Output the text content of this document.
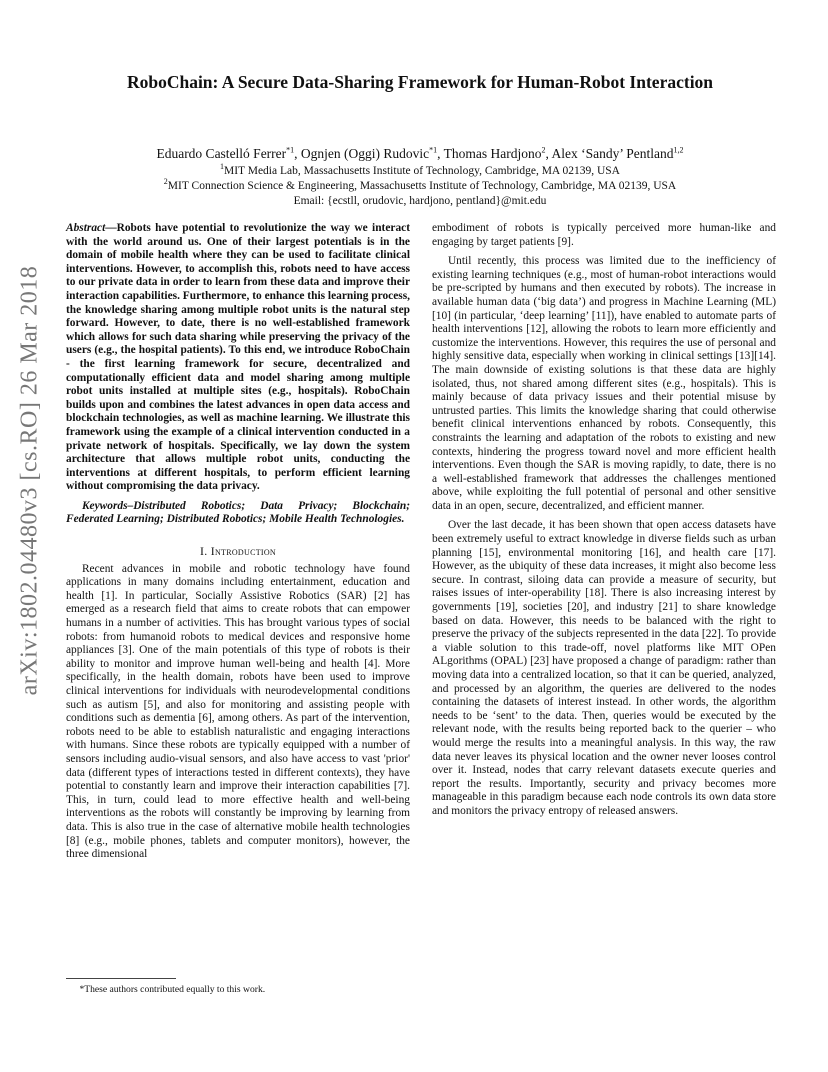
arXiv:1802.04480v3 [cs.RO] 26 Mar 2018
RoboChain: A Secure Data-Sharing Framework for Human-Robot Interaction

Eduardo Castelló Ferrer$^{*1}$, Ognjen (Oggi) Rudovic$^{*1}$, Thomas Hardjono$^2$, Alex ‘Sandy’ Pentland$^{1,2}$

$^1$MIT Media Lab, Massachusetts Institute of Technology, Cambridge, MA 02139, USA

$^2$MIT Connection Science & Engineering, Massachusetts Institute of Technology, Cambridge, MA 02139, USA

Email: {ecstll, orudovic, hardjono, pentland}@mit.edu

Abstract—Robots have potential to revolutionize the way we interact with the world around us. One of their largest potentials is in the domain of mobile health where they can be used to facilitate clinical interventions. However, to accomplish this, robots need to have access to our private data in order to learn from these data and improve their interaction capabilities. Furthermore, to enhance this learning process, the knowledge sharing among multiple robot units is the natural step forward. However, to date, there is no well-established framework which allows for such data sharing while preserving the privacy of the users (e.g., the hospital patients). To this end, we introduce RoboChain - the first learning framework for secure, decentralized and computationally efficient data and model sharing among multiple robot units installed at multiple sites (e.g., hospitals). RoboChain builds upon and combines the latest advances in open data access and blockchain technologies, as well as machine learning. We illustrate this framework using the example of a clinical intervention conducted in a private network of hospitals. Specifically, we lay down the system architecture that allows multiple robot units, conducting the interventions at different hospitals, to perform efficient learning without compromising the data privacy.

Keywords–Distributed Robotics; Data Privacy; Blockchain; Federated Learning; Distributed Robotics; Mobile Health Technologies.

I. Introduction

Recent advances in mobile and robotic technology have found applications in many domains including entertainment, education and health [1]. In particular, Socially Assistive Robotics (SAR) [2] has emerged as a research field that aims to create robots that can empower humans in a number of activities. This has brought various types of social robots: from humanoid robots to medical devices and responsive home appliances [3]. One of the main potentials of this type of robots is their ability to monitor and improve human well-being and health [4]. More specifically, in the health domain, robots have been used to improve clinical interventions for individuals with neurodevelopmental conditions such as autism [5], and also for monitoring and assisting people with conditions such as dementia [6], among others. As part of the intervention, robots need to be able to establish naturalistic and engaging interactions with humans. Since these robots are typically equipped with a number of sensors including audio-visual sensors, and also have access to vast 'prior' data (different types of interactions tested in different contexts), they have potential to constantly learn and improve their interaction capabilities [7]. This, in turn, could lead to more effective health and well-being interventions as the robots will constantly be improving by learning from data. This is also true in the case of alternative mobile health technologies [8] (e.g., mobile phones, tablets and computer monitors), however, the three dimensional

embodiment of robots is typically perceived more human-like and engaging by target patients [9].

Until recently, this process was limited due to the inefficiency of existing learning techniques (e.g., most of human-robot interactions would be pre-scripted by humans and then executed by robots). The increase in available human data (‘big data’) and progress in Machine Learning (ML) [10] (in particular, ‘deep learning’ [11]), have enabled to automate parts of health interventions [12], allowing the robots to learn more efficiently and customize the interventions. However, this requires the use of personal and highly sensitive data, especially when working in clinical settings [13][14]. The main downside of existing solutions is that these data are highly isolated, thus, not shared among different sites (e.g., hospitals). This is mainly because of data privacy issues and their potential misuse by untrusted parties. This limits the knowledge sharing that could otherwise benefit clinical interventions enhanced by robots. Consequently, this constraints the learning and adaptation of the robots to existing and new contexts, hindering the progress toward novel and more efficient health interventions. Even though the SAR is moving rapidly, to date, there is no a well-established framework that addresses the challenges mentioned above, while exploiting the full potential of personal and other sensitive data in an open, secure, decentralized, and efficient manner.

Over the last decade, it has been shown that open access datasets have been extremely useful to extract knowledge in diverse fields such as urban planning [15], environmental monitoring [16], and health care [17]. However, as the ubiquity of these data increases, it might also become less secure. In contrast, siloing data can provide a measure of security, but raises issues of inter-operability [18]. There is also increasing interest by governments [19], societies [20], and industry [21] to share knowledge based on data. However, this needs to be balanced with the right to preserve the privacy of the subjects represented in the data [22]. To provide a viable solution to this trade-off, novel platforms like MIT OPen ALgorithms (OPAL) [23] have proposed a change of paradigm: rather than moving data into a centralized location, so that it can be queried, analyzed, and processed by an algorithm, the queries are delivered to the nodes containing the datasets of interest instead. In other words, the algorithm needs to be ‘sent’ to the data. Then, queries would be executed by the relevant node, with the results being reported back to the querier – who would merge the results into a meaningful analysis. In this way, the raw data never leaves its physical location and the owner never looses control over it. Instead, nodes that carry relevant datasets execute queries and report the results. Importantly, security and privacy becomes more manageable in this paradigm because each node controls its own data store and monitors the privacy entropy of released answers.

*These authors contributed equally to this work.
